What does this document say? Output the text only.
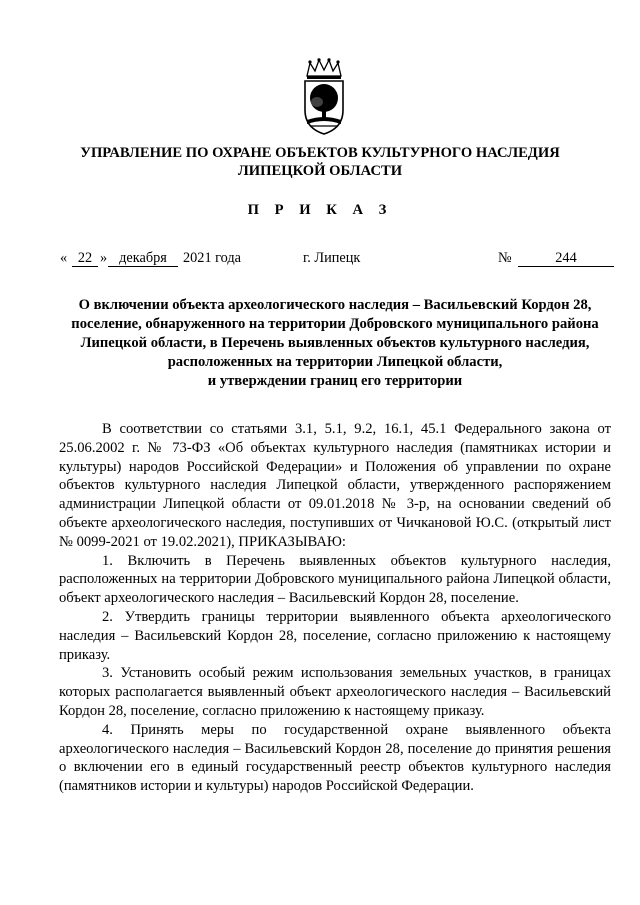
УПРАВЛЕНИЕ ПО ОХРАНЕ ОБЪЕКТОВ КУЛЬТУРНОГО НАСЛЕДИЯ
ЛИПЕЦКОЙ ОБЛАСТИ
П Р И К А З
« 22 » декабря	2021 года	г. Липецк	№	244
О включении объекта археологического наследия – Васильевский Кордон 28,
поселение, обнаруженного на территории Добровского муниципального района
Липецкой области, в Перечень выявленных объектов культурного наследия,
расположенных на территории Липецкой области,
и утверждении границ его территории

В соответствии со статьями 3.1, 5.1, 9.2, 16.1, 45.1 Федерального закона от 25.06.2002 г. № 73-ФЗ «Об объектах культурного наследия (памятниках истории и культуры) народов Российской Федерации» и Положения об управлении по охране объектов культурного наследия Липецкой области, утвержденного распоряжением администрации Липецкой области от 09.01.2018 № 3-р, на основании сведений об объекте археологического наследия, поступивших от Чичкановой Ю.С. (открытый лист № 0099-2021 от 19.02.2021), ПРИКАЗЫВАЮ:

1. Включить в Перечень выявленных объектов культурного наследия, расположенных на территории Добровского муниципального района Липецкой области, объект археологического наследия – Васильевский Кордон 28, поселение.

2. Утвердить границы территории выявленного объекта археологического наследия – Васильевский Кордон 28, поселение, согласно приложению к настоящему приказу.

3. Установить особый режим использования земельных участков, в границах которых располагается выявленный объект археологического наследия – Васильевский Кордон 28, поселение, согласно приложению к настоящему приказу.

4. Принять меры по государственной охране выявленного объекта археологического наследия – Васильевский Кордон 28, поселение до принятия решения о включении его в единый государственный реестр объектов культурного наследия (памятников истории и культуры) народов Российской Федерации.
